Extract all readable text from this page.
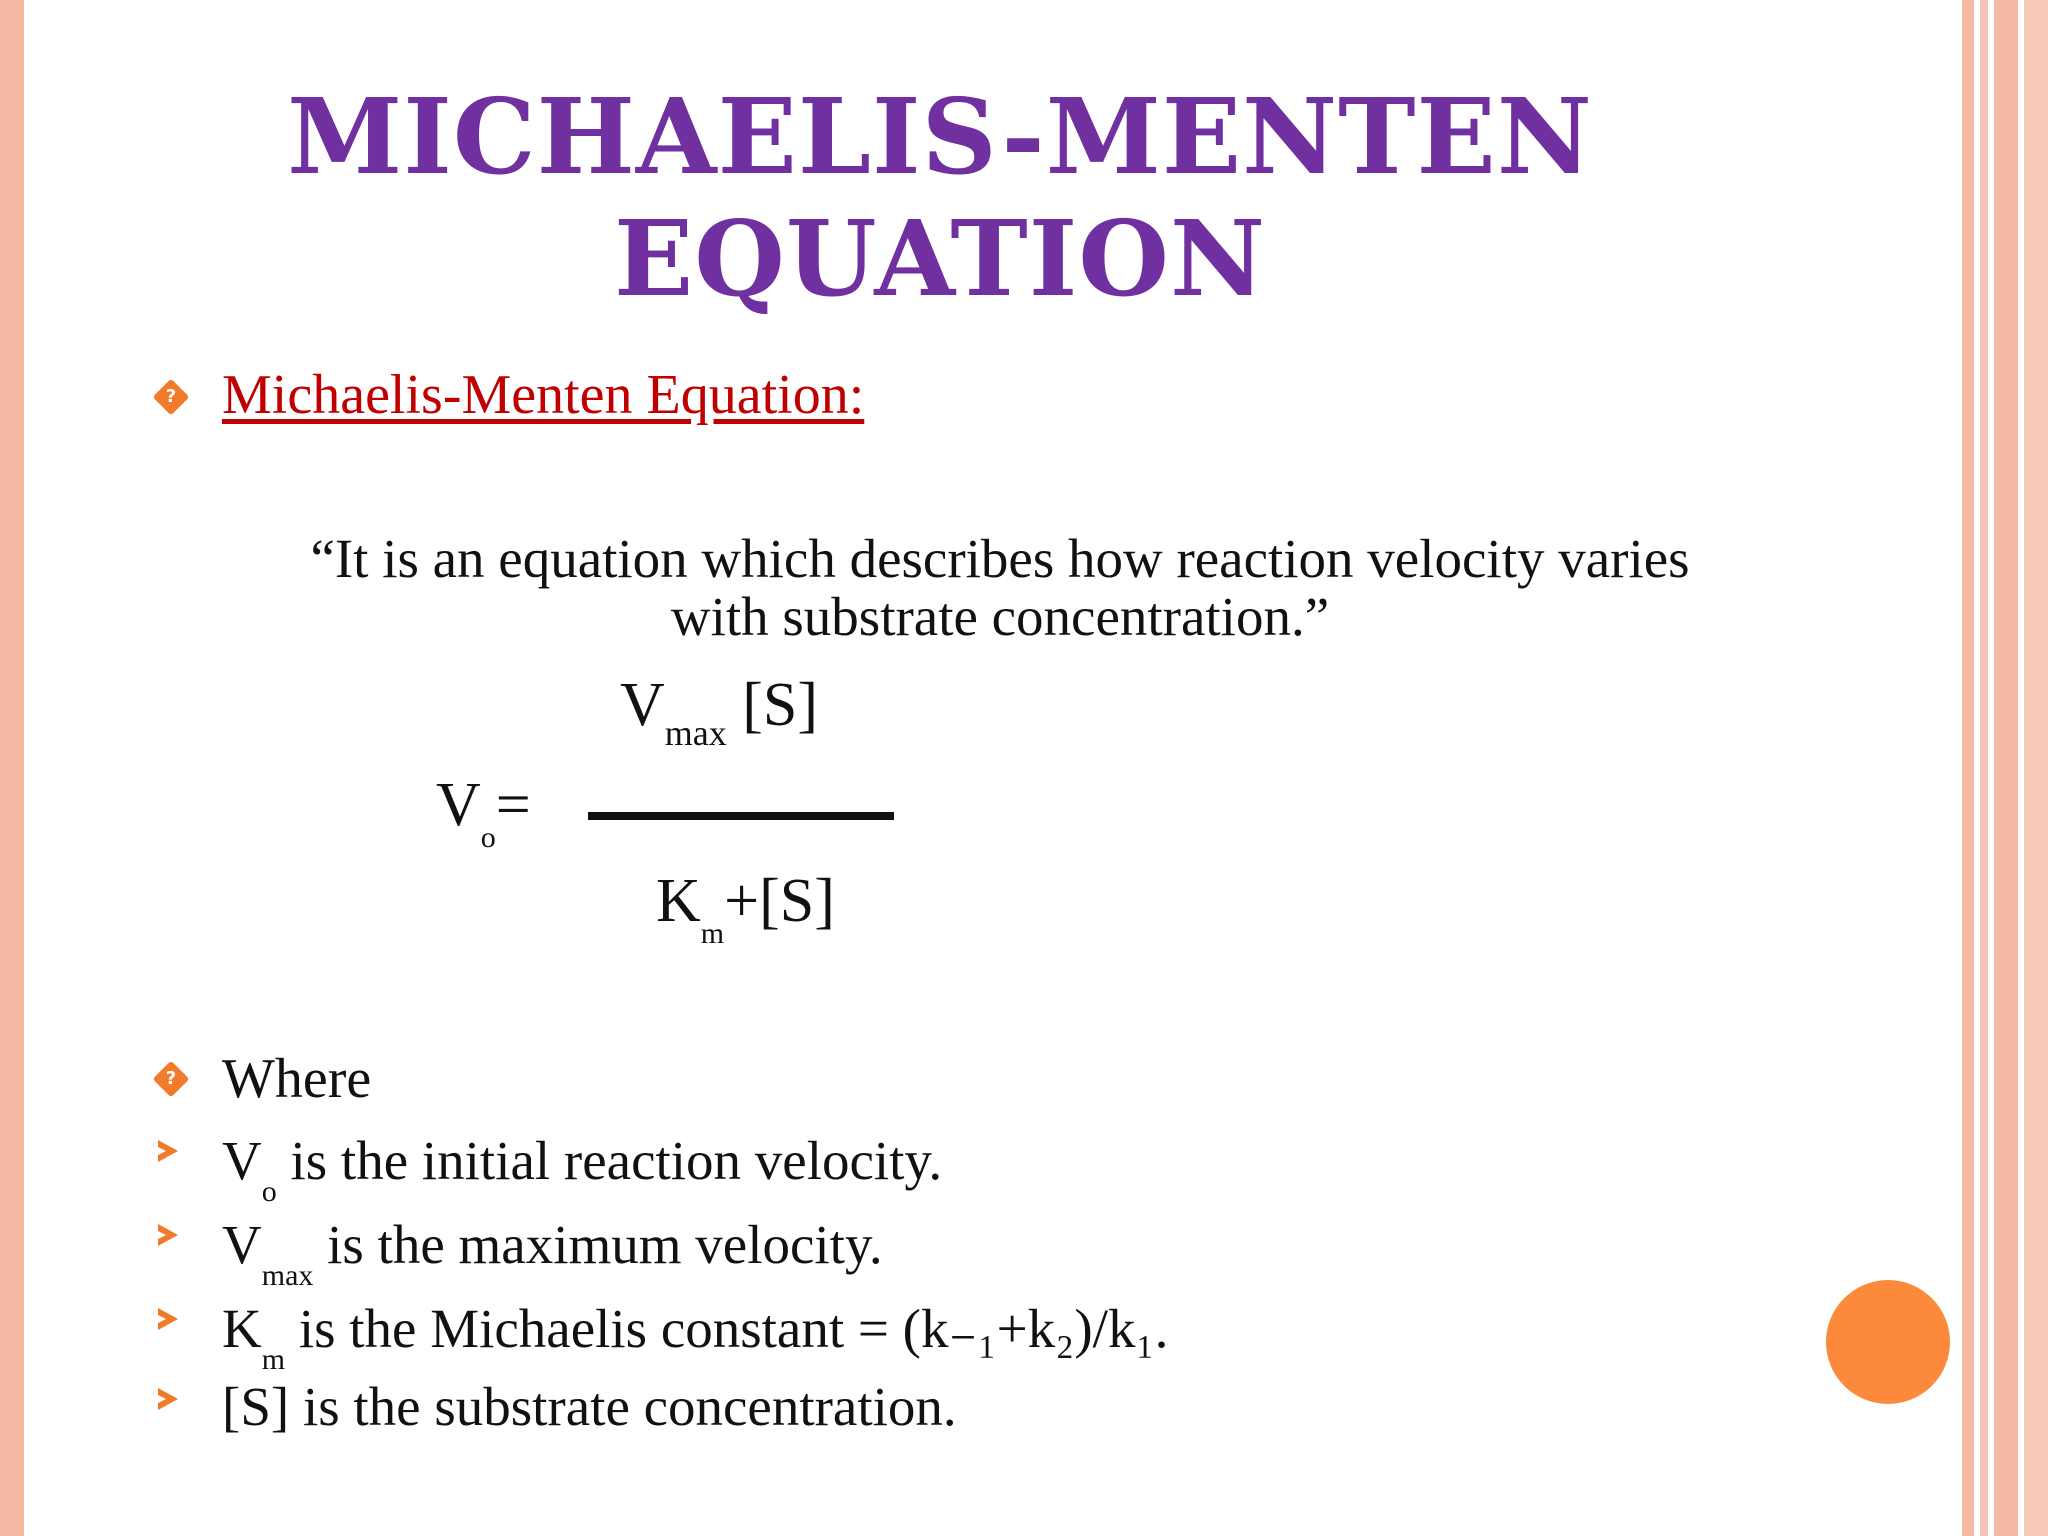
MICHAELIS-MENTEN
EQUATION
?
Michaelis-Menten Equation:
“It is an equation which describes how reaction velocity varies
with substrate concentration.”
$V_{max}$ [S]
$V_o=$
$K_m+[S]$
?
Where
$V_o$ is the initial reaction velocity.
$V_{max}$ is the maximum velocity.
$K_m$ is the Michaelis constant = (k₋₁+k₂)/k₁.
[S] is the substrate concentration.
